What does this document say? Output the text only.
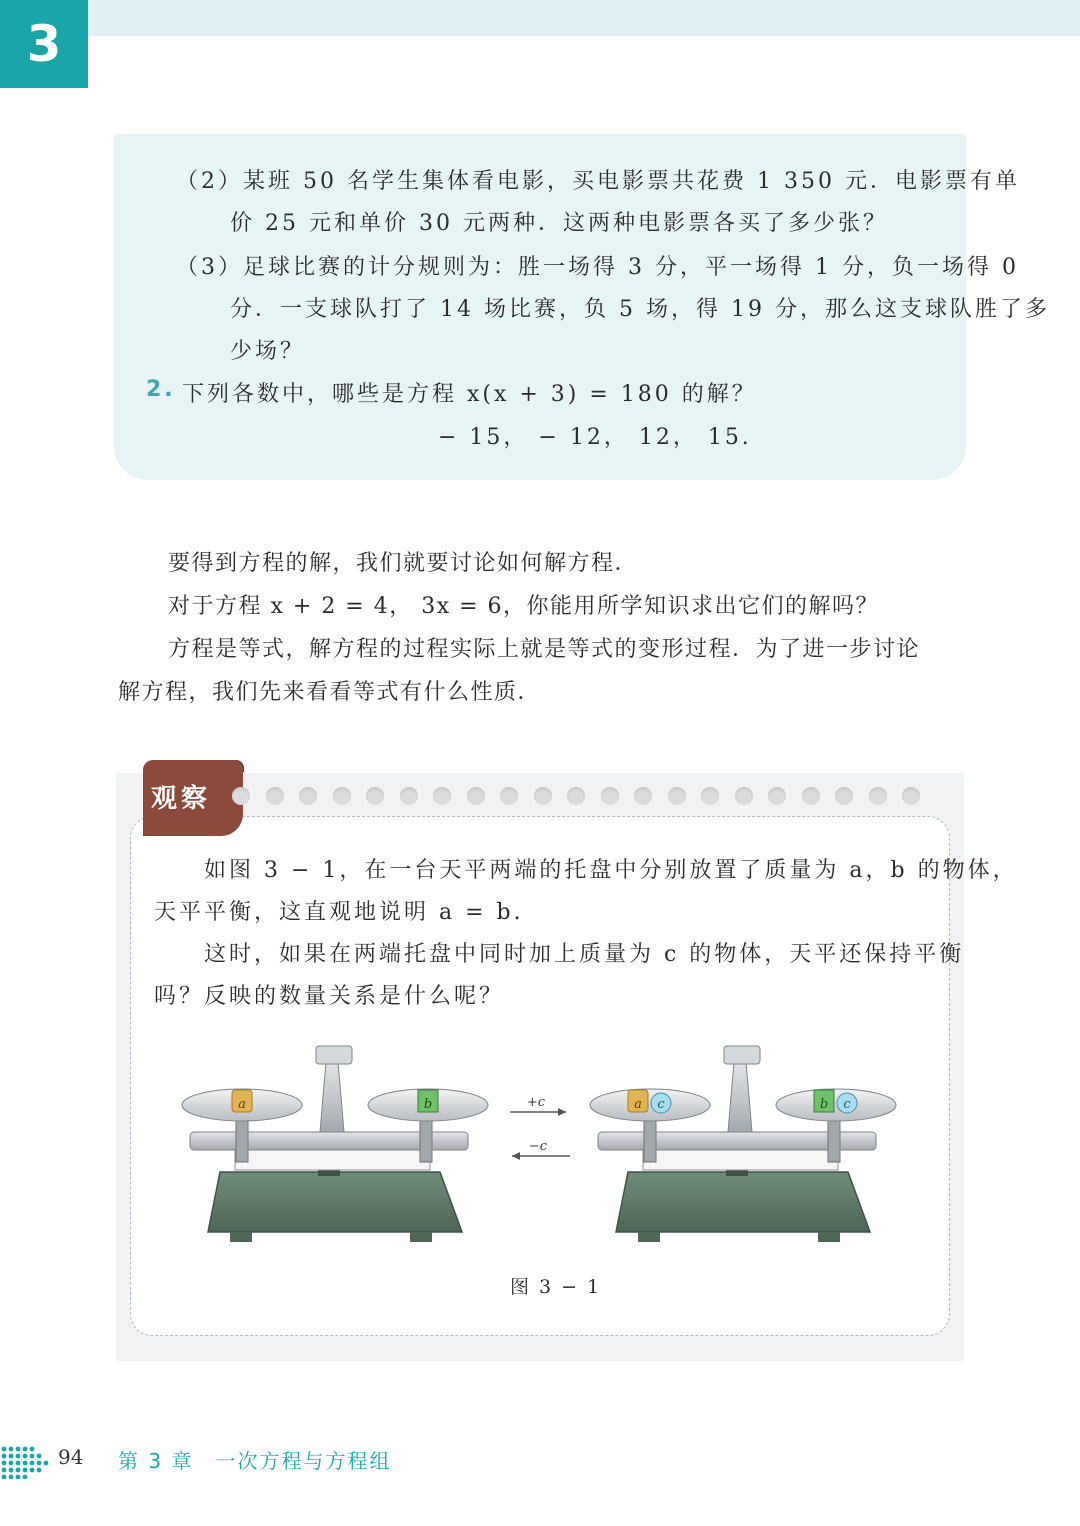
3
（2）某班 50 名学生集体看电影，买电影票共花费 1 350 元．电影票有单
价 25 元和单价 30 元两种．这两种电影票各买了多少张？
（3）足球比赛的计分规则为：胜一场得 3 分，平一场得 1 分，负一场得 0
分．一支球队打了 14 场比赛，负 5 场，得 19 分，那么这支球队胜了多
少场？
2. 下列各数中，哪些是方程 x(x + 3) = 180 的解？
− 15， − 12， 12， 15.
要得到方程的解，我们就要讨论如何解方程．
对于方程 x + 2 = 4， 3x = 6，你能用所学知识求出它们的解吗？
方程是等式，解方程的过程实际上就是等式的变形过程．为了进一步讨论
解方程，我们先来看看等式有什么性质．
观察
如图 3 − 1，在一台天平两端的托盘中分别放置了质量为 a，b 的物体，
天平平衡，这直观地说明 a = b.
这时，如果在两端托盘中同时加上质量为 c 的物体，天平还保持平衡
吗？反映的数量关系是什么呢？
a	b	+c
−c
a c	b c
图 3 − 1
94 第 3 章　一次方程与方程组
